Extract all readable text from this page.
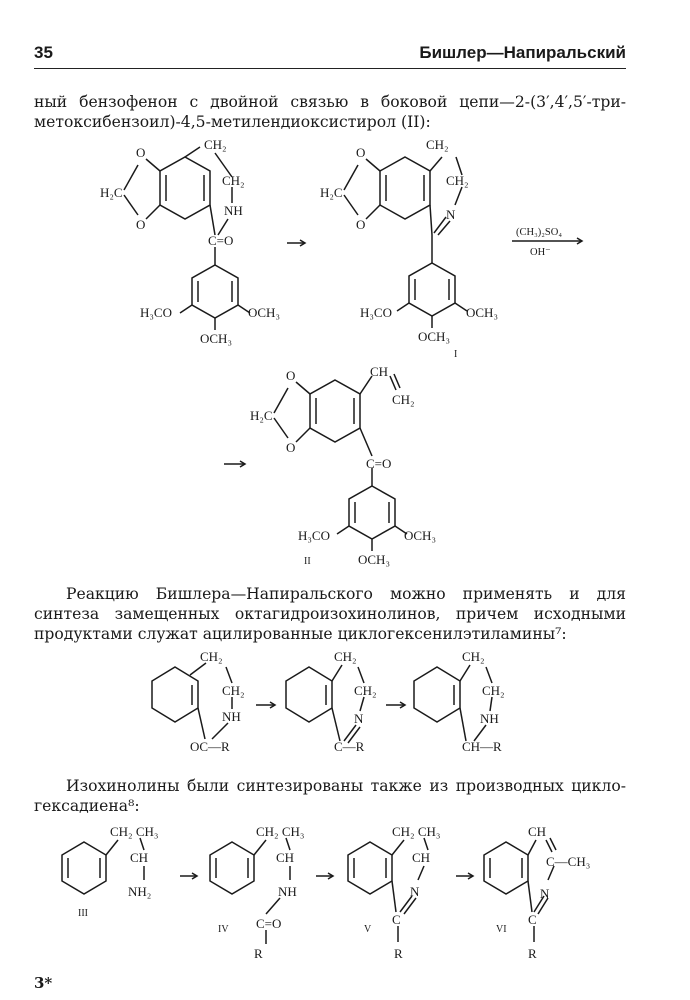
35	Бишлер—Напиральский

ный бензофенон с двойной связью в боковой цепи—2-(3′,4′,5′-три-метоксибензоил)-4,5-метилендиоксистирол (II):

O
O
H₂C
CH₂
CH₂
NH
C=O
H₃CO	OCH₃
OCH₃
O
O
H₂C
CH₂
CH₂
N
H₃CO	OCH₃
OCH₃
I
(CH₃)₂SO₄
OH⁻
O
O
H₂C
CH
CH₂
C=O
H₃CO	OCH₃
OCH₃
II

Реакцию Бишлера—Напиральского можно применять и для синтеза замещенных октагидроизохинолинов, причем исходными продуктами служат ацилированные циклогексенилэтиламины⁷:

CH₂
CH₂
NH
OC—R
CH₂
CH₂
N
C—R
CH₂
CH₂
NH
CH—R

Изохинолины были синтезированы также из производных цикло-гексадиена⁸:

CH₂ CH₃
CH
NH₂
III
CH₂ CH₃
CH
NH
C=O
R
IV
CH₂ CH₃
CH
N
C
R
V
CH
C—CH₃
N
C
R
VI
3*
